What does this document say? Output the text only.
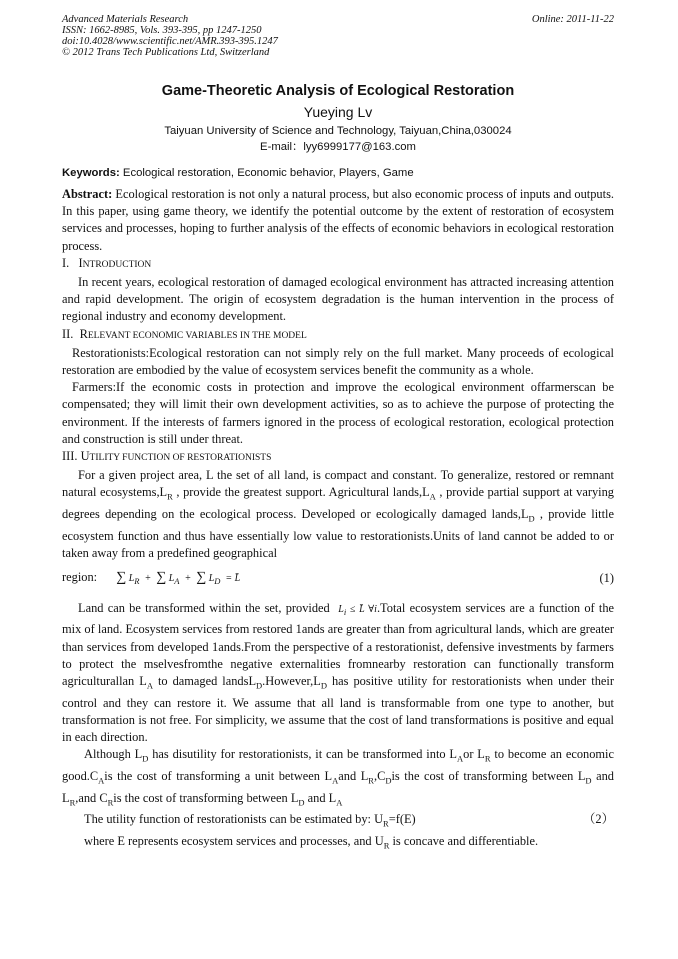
Advanced Materials Research	Online: 2011-11-22
ISSN: 1662-8985, Vols. 393-395, pp 1247-1250
doi:10.4028/www.scientific.net/AMR.393-395.1247
© 2012 Trans Tech Publications Ltd, Switzerland
Game-Theoretic Analysis of Ecological Restoration
Yueying Lv
Taiyuan University of Science and Technology, Taiyuan,China,030024
E-mail：lyy6999177@163.com
Keywords: Ecological restoration, Economic behavior, Players, Game
Abstract: Ecological restoration is not only a natural process, but also economic process of inputs and outputs. In this paper, using game theory, we identify the potential outcome by the extent of restoration of ecosystem services and processes, hoping to further analysis of the effects of economic behaviors in ecological restoration process.
I. INTRODUCTION

In recent years, ecological restoration of damaged ecological environment has attracted increasing attention and rapid development. The origin of ecosystem degradation is the human intervention in the process of regional industry and economy development.

II. RELEVANT ECONOMIC VARIABLES IN THE MODEL

Restorationists:Ecological restoration can not simply rely on the full market. Many proceeds of ecological restoration are embodied by the value of ecosystem services benefit the community as a whole.

Farmers:If the economic costs in protection and improve the ecological environment offarmerscan be compensated; they will limit their own development activities, so as to achieve the purpose of protecting the environment. If the interests of farmers ignored in the process of ecological restoration, ecological protection and construction is still under threat.

III. UTILITY FUNCTION OF RESTORATIONISTS

For a given project area, L the set of all land, is compact and constant. To generalize, restored or remnant natural $ecosystems,L_R$ , provide the greatest support. Agricultural $lands,L_A$ , provide partial support at varying degrees depending on the ecological process. Developed or ecologically damaged $lands,L_D$ , provide little ecosystem function and thus have essentially low value to restorationists.Units of land cannot be added to or taken away from a predefined geographical

region: ∑ $L_R$ + ∑ $L_A$ + ∑ $L_D$ = L̄	(1)

Land can be transformed within the set, provided $L_i$ ≤ L̄ ∀i.Total ecosystem services are a function of the mix of land. Ecosystem services from restored 1ands are greater than from agricultural lands, which are greater than services from developed 1ands.From the perspective of a restorationist, defensive investments by farmers to protect the mselvesfromthe negative externalities fromnearby restoration can functionally transform agriculturallan $L_A$ to damaged $landsL_D.However,L_D$ has positive utility for restorationists when under their control and they can restore it. We assume that all land is transformable from one type to another, but transformation is not free. For simplicity, we assume that the cost of land transformations is positive and equal in each direction.

Although $L_D$ has disutility for restorationists, it can be transformed into $L_Aor$ $L_R$ to become an economic $good.C_Ais$ the cost of transforming a unit between $L_Aand$ $L_R,C_Dis$ the cost of transforming between $L_D$ and $L_R,and$ $C_Ris$ the cost of transforming between $L_D$ and $L_A$

The utility function of restorationists can be estimated by: $U_R=f(E)$	（2）

where E represents ecosystem services and processes, and $U_R$ is concave and differentiable.
